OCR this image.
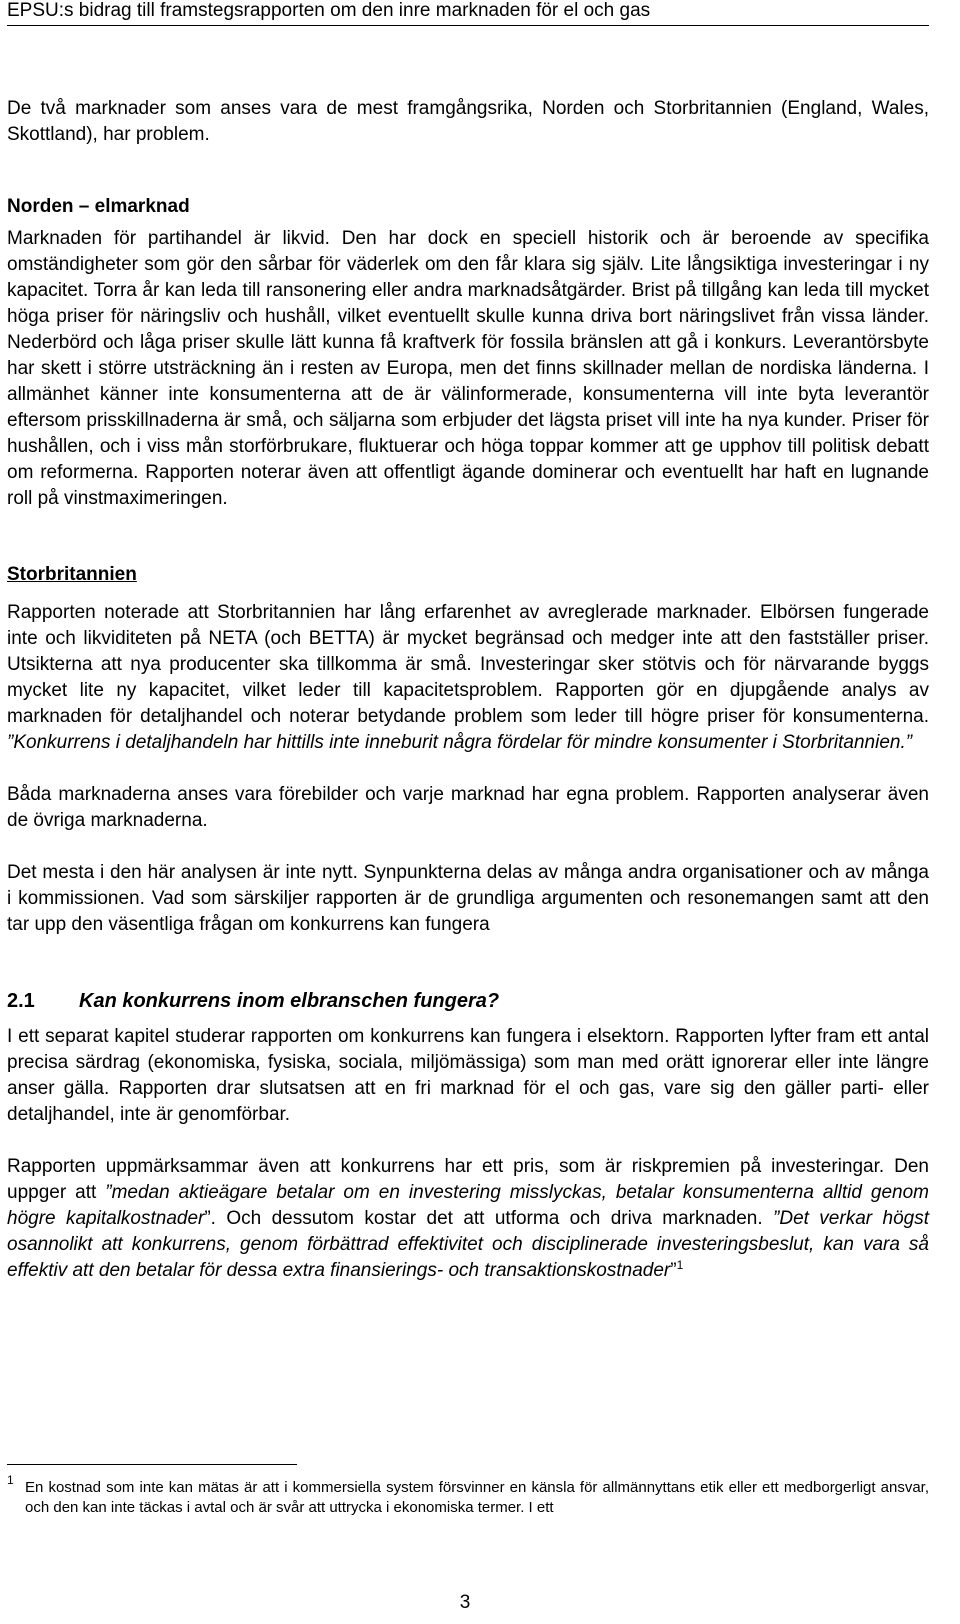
EPSU:s bidrag till framstegsrapporten om den inre marknaden för el och gas

De två marknader som anses vara de mest framgångsrika, Norden och Storbritannien (England, Wales, Skottland), har problem.

Norden – elmarknad

Marknaden för partihandel är likvid. Den har dock en speciell historik och är beroende av specifika omständigheter som gör den sårbar för väderlek om den får klara sig själv. Lite långsiktiga investeringar i ny kapacitet. Torra år kan leda till ransonering eller andra marknadsåtgärder. Brist på tillgång kan leda till mycket höga priser för näringsliv och hushåll, vilket eventuellt skulle kunna driva bort näringslivet från vissa länder. Nederbörd och låga priser skulle lätt kunna få kraftverk för fossila bränslen att gå i konkurs. Leverantörsbyte har skett i större utsträckning än i resten av Europa, men det finns skillnader mellan de nordiska länderna. I allmänhet känner inte konsumenterna att de är välinformerade, konsumenterna vill inte byta leverantör eftersom prisskillnaderna är små, och säljarna som erbjuder det lägsta priset vill inte ha nya kunder. Priser för hushållen, och i viss mån storförbrukare, fluktuerar och höga toppar kommer att ge upphov till politisk debatt om reformerna. Rapporten noterar även att offentligt ägande dominerar och eventuellt har haft en lugnande roll på vinstmaximeringen.

Storbritannien

Rapporten noterade att Storbritannien har lång erfarenhet av avreglerade marknader. Elbörsen fungerade inte och likviditeten på NETA (och BETTA) är mycket begränsad och medger inte att den fastställer priser. Utsikterna att nya producenter ska tillkomma är små. Investeringar sker stötvis och för närvarande byggs mycket lite ny kapacitet, vilket leder till kapacitetsproblem. Rapporten gör en djupgående analys av marknaden för detaljhandel och noterar betydande problem som leder till högre priser för konsumenterna. ”Konkurrens i detaljhandeln har hittills inte inneburit några fördelar för mindre konsumenter i Storbritannien.”

Båda marknaderna anses vara förebilder och varje marknad har egna problem. Rapporten analyserar även de övriga marknaderna.

Det mesta i den här analysen är inte nytt. Synpunkterna delas av många andra organisationer och av många i kommissionen. Vad som särskiljer rapporten är de grundliga argumenten och resonemangen samt att den tar upp den väsentliga frågan om konkurrens kan fungera

2.1 Kan konkurrens inom elbranschen fungera?

I ett separat kapitel studerar rapporten om konkurrens kan fungera i elsektorn. Rapporten lyfter fram ett antal precisa särdrag (ekonomiska, fysiska, sociala, miljömässiga) som man med orätt ignorerar eller inte längre anser gälla. Rapporten drar slutsatsen att en fri marknad för el och gas, vare sig den gäller parti- eller detaljhandel, inte är genomförbar.

Rapporten uppmärksammar även att konkurrens har ett pris, som är riskpremien på investeringar. Den uppger att ”medan aktieägare betalar om en investering misslyckas, betalar konsumenterna alltid genom högre kapitalkostnader”. Och dessutom kostar det att utforma och driva marknaden. ”Det verkar högst osannolikt att konkurrens, genom förbättrad effektivitet och disciplinerade investeringsbeslut, kan vara så effektiv att den betalar för dessa extra finansierings- och transaktionskostnader”$^1$

1 En kostnad som inte kan mätas är att i kommersiella system försvinner en känsla för allmännyttans etik eller ett medborgerligt ansvar, och den kan inte täckas i avtal och är svår att uttrycka i ekonomiska termer. I ett
3
